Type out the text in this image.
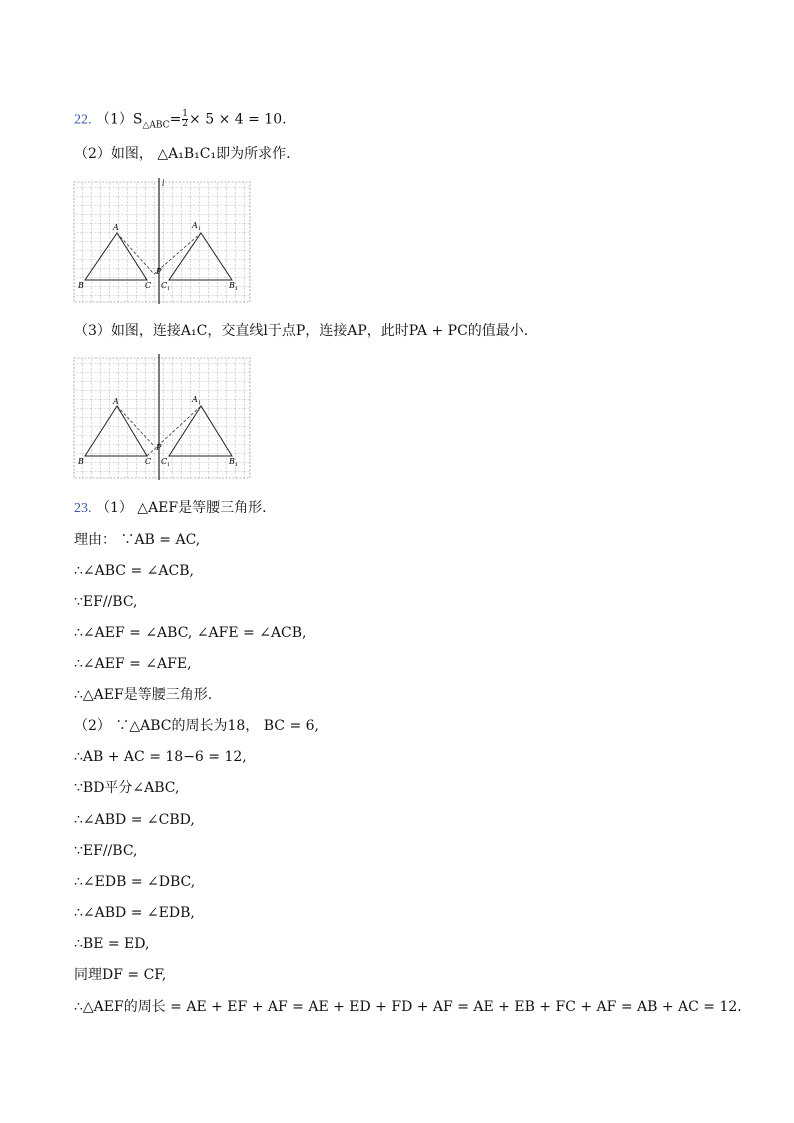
22. $(1)S_{\triangle ABC}= \frac{1}{2} \times 5 \times 4 = 10$.
（2）如图， △A₁B₁C₁即为所求作.
l
A
B	C
P
A 1
B 1
C 1
（3）如图，连接A₁C，交直线l于点P，连接AP，此时PA + PC的值最小.
A
B	C
P
A 1
B 1
C 1
23. （1） △AEF是等腰三角形.
理由： ∵AB = AC,
∴∠ABC = ∠ACB,
∵EF//BC,
∴∠AEF = ∠ABC, ∠AFE = ∠ACB,
∴∠AEF = ∠AFE,
∴△AEF是等腰三角形.
（2） ∵△ABC的周长为18， BC = 6,
∴AB + AC = 18−6 = 12,
∵BD平分∠ABC,
∴∠ABD = ∠CBD,
∵EF//BC,
∴∠EDB = ∠DBC,
∴∠ABD = ∠EDB,
∴BE = ED,
同理DF = CF,
∴△AEF的周长 = AE + EF + AF = AE + ED + FD + AF = AE + EB + FC + AF = AB + AC = 12.
